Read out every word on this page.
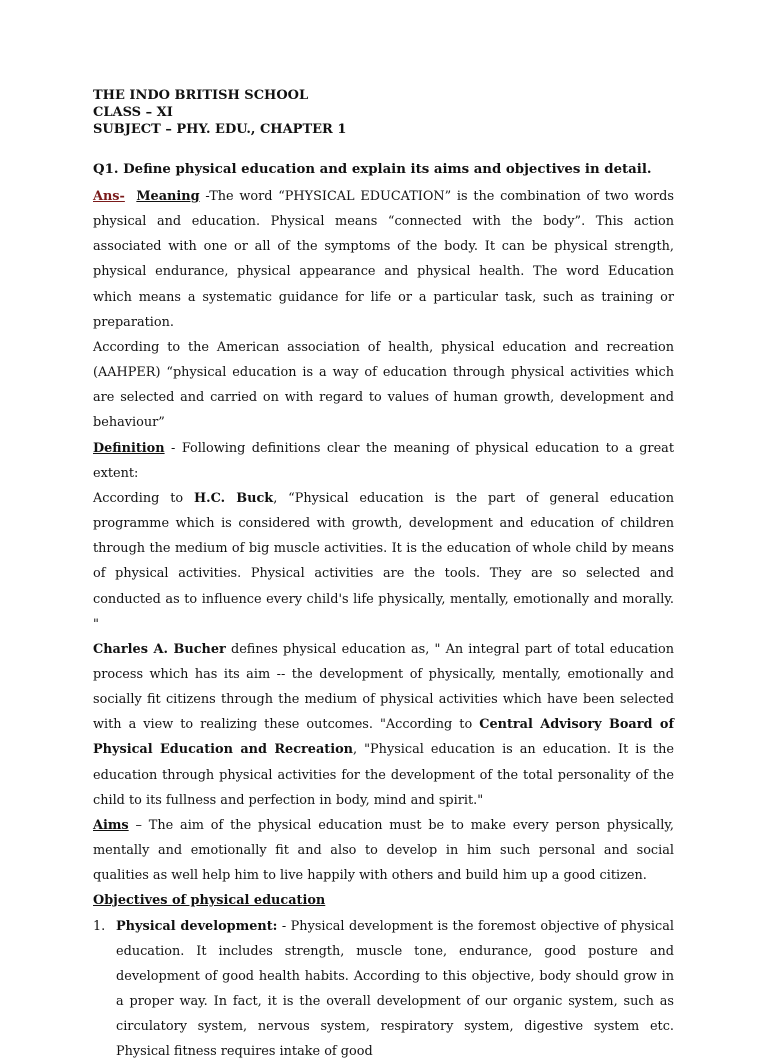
THE INDO BRITISH SCHOOL
CLASS – XI
SUBJECT – PHY. EDU., CHAPTER 1
Q1. Define physical education and explain its aims and objectives in detail.

Ans- Meaning -The word “PHYSICAL EDUCATION” is the combination of two words physical and education. Physical means “connected with the body”. This action associated with one or all of the symptoms of the body. It can be physical strength, physical endurance, physical appearance and physical health. The word Education which means a systematic guidance for life or a particular task, such as training or preparation.

According to the American association of health, physical education and recreation (AAHPER) “physical education is a way of education through physical activities which are selected and carried on with regard to values of human growth, development and behaviour”

Definition - Following definitions clear the meaning of physical education to a great extent:

According to H.C. Buck, “Physical education is the part of general education programme which is considered with growth, development and education of children through the medium of big muscle activities. It is the education of whole child by means of physical activities. Physical activities are the tools. They are so selected and conducted as to influence every child's life physically, mentally, emotionally and morally. "

Charles A. Bucher defines physical education as, " An integral part of total education process which has its aim -- the development of physically, mentally, emotionally and socially fit citizens through the medium of physical activities which have been selected with a view to realizing these outcomes. "According to Central Advisory Board of Physical Education and Recreation, "Physical education is an education. It is the education through physical activities for the development of the total personality of the child to its fullness and perfection in body, mind and spirit."

Aims – The aim of the physical education must be to make every person physically, mentally and emotionally fit and also to develop in him such personal and social qualities as well help him to live happily with others and build him up a good citizen.

Objectives of physical education

1. Physical development: - Physical development is the foremost objective of physical education. It includes strength, muscle tone, endurance, good posture and development of good health habits. According to this objective, body should grow in a proper way. In fact, it is the overall development of our organic system, such as circulatory system, nervous system, respiratory system, digestive system etc. Physical fitness requires intake of good
